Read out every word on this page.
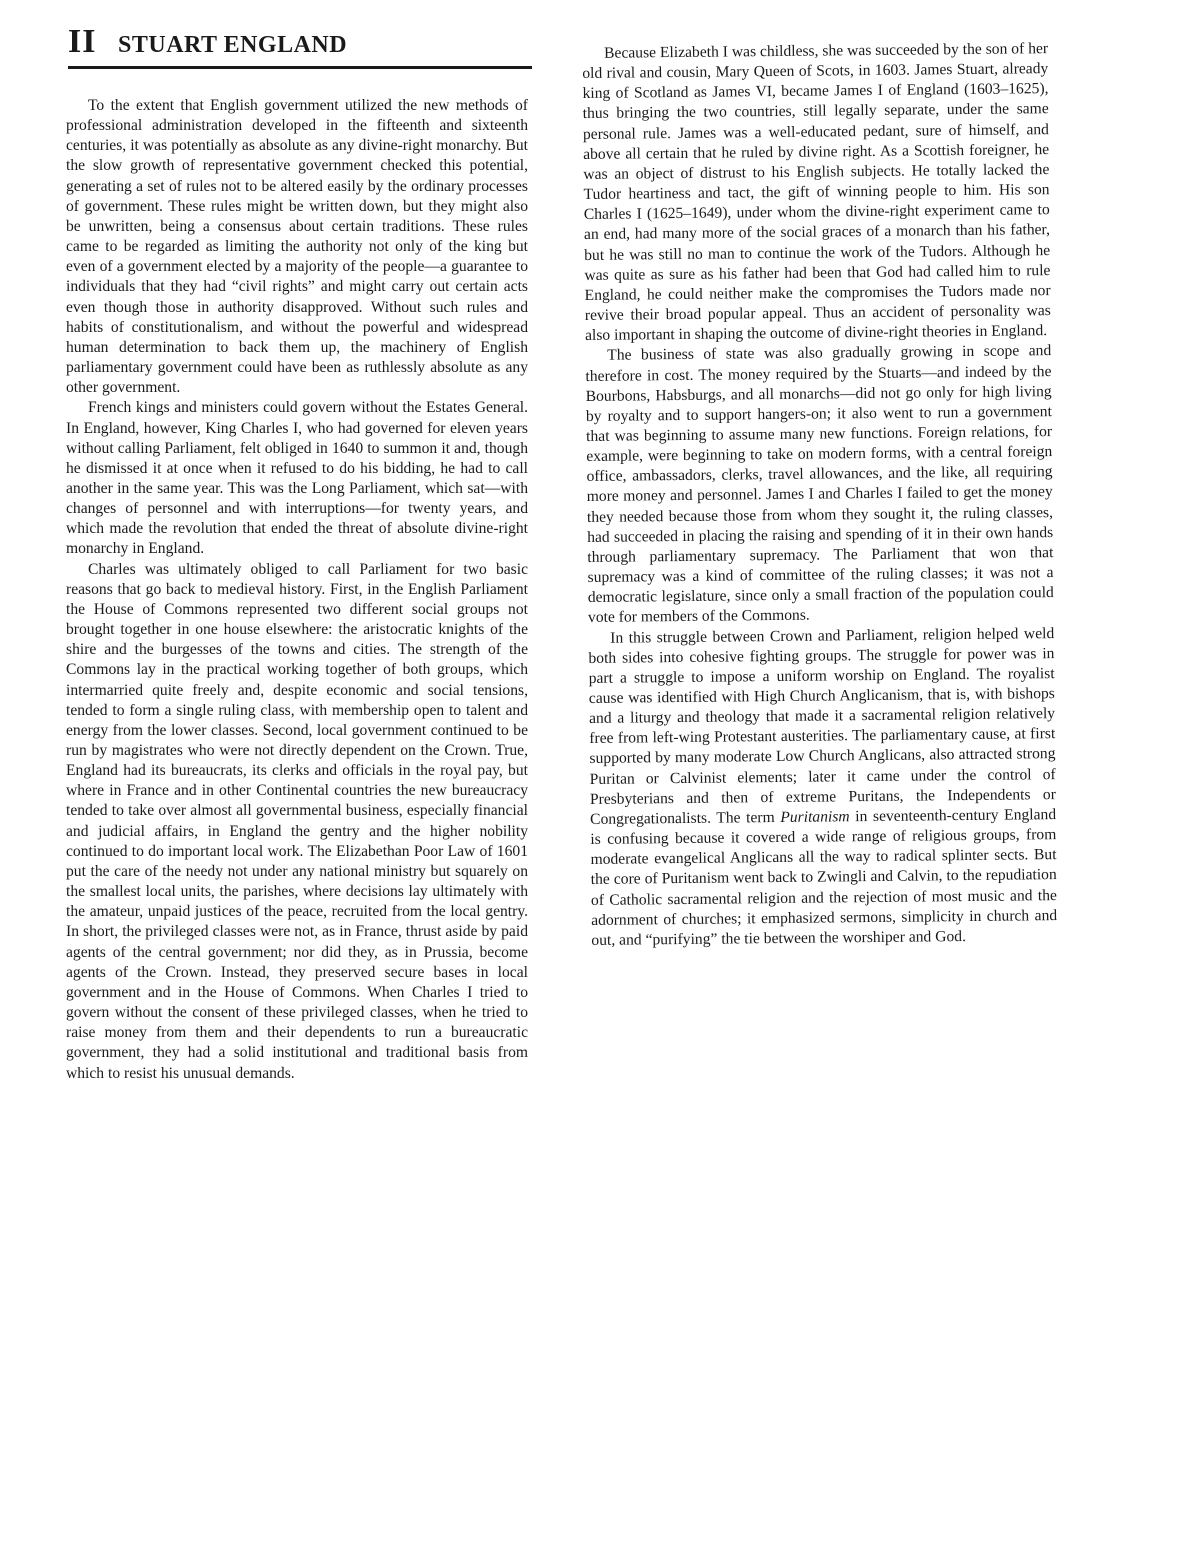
II STUART ENGLAND

To the extent that English government utilized the new methods of professional administration developed in the fifteenth and sixteenth centuries, it was potentially as absolute as any divine-right monarchy. But the slow growth of representative government checked this potential, generating a set of rules not to be altered easily by the ordinary processes of government. These rules might be written down, but they might also be unwritten, being a consensus about certain traditions. These rules came to be regarded as limiting the authority not only of the king but even of a government elected by a majority of the people—a guarantee to individuals that they had “civil rights” and might carry out certain acts even though those in authority disapproved. Without such rules and habits of constitutionalism, and without the powerful and widespread human determination to back them up, the machinery of English parliamentary government could have been as ruthlessly absolute as any other government.

French kings and ministers could govern without the Estates General. In England, however, King Charles I, who had governed for eleven years without calling Parliament, felt obliged in 1640 to summon it and, though he dismissed it at once when it refused to do his bidding, he had to call another in the same year. This was the Long Parliament, which sat—with changes of personnel and with interruptions—for twenty years, and which made the revolution that ended the threat of absolute divine-right monarchy in England.

Charles was ultimately obliged to call Parliament for two basic reasons that go back to medieval history. First, in the English Parliament the House of Commons represented two different social groups not brought together in one house elsewhere: the aristocratic knights of the shire and the burgesses of the towns and cities. The strength of the Commons lay in the practical working together of both groups, which intermarried quite freely and, despite economic and social tensions, tended to form a single ruling class, with membership open to talent and energy from the lower classes. Second, local government continued to be run by magistrates who were not directly dependent on the Crown. True, England had its bureaucrats, its clerks and officials in the royal pay, but where in France and in other Continental countries the new bureaucracy tended to take over almost all governmental business, especially financial and judicial affairs, in England the gentry and the higher nobility continued to do important local work. The Elizabethan Poor Law of 1601 put the care of the needy not under any national ministry but squarely on the smallest local units, the parishes, where decisions lay ultimately with the amateur, unpaid justices of the peace, recruited from the local gentry. In short, the privileged classes were not, as in France, thrust aside by paid agents of the central government; nor did they, as in Prussia, become agents of the Crown. Instead, they preserved secure bases in local government and in the House of Commons. When Charles I tried to govern without the consent of these privileged classes, when he tried to raise money from them and their dependents to run a bureaucratic government, they had a solid institutional and traditional basis from which to resist his unusual demands.

Because Elizabeth I was childless, she was succeeded by the son of her old rival and cousin, Mary Queen of Scots, in 1603. James Stuart, already king of Scotland as James VI, became James I of England (1603–1625), thus bringing the two countries, still legally separate, under the same personal rule. James was a well-educated pedant, sure of himself, and above all certain that he ruled by divine right. As a Scottish foreigner, he was an object of distrust to his English subjects. He totally lacked the Tudor heartiness and tact, the gift of winning people to him. His son Charles I (1625–1649), under whom the divine-right experiment came to an end, had many more of the social graces of a monarch than his father, but he was still no man to continue the work of the Tudors. Although he was quite as sure as his father had been that God had called him to rule England, he could neither make the compromises the Tudors made nor revive their broad popular appeal. Thus an accident of personality was also important in shaping the outcome of divine-right theories in England.

The business of state was also gradually growing in scope and therefore in cost. The money required by the Stuarts—and indeed by the Bourbons, Habsburgs, and all monarchs—did not go only for high living by royalty and to support hangers-on; it also went to run a government that was beginning to assume many new functions. Foreign relations, for example, were beginning to take on modern forms, with a central foreign office, ambassadors, clerks, travel allowances, and the like, all requiring more money and personnel. James I and Charles I failed to get the money they needed because those from whom they sought it, the ruling classes, had succeeded in placing the raising and spending of it in their own hands through parliamentary supremacy. The Parliament that won that supremacy was a kind of committee of the ruling classes; it was not a democratic legislature, since only a small fraction of the population could vote for members of the Commons.

In this struggle between Crown and Parliament, religion helped weld both sides into cohesive fighting groups. The struggle for power was in part a struggle to impose a uniform worship on England. The royalist cause was identified with High Church Anglicanism, that is, with bishops and a liturgy and theology that made it a sacramental religion relatively free from left-wing Protestant austerities. The parliamentary cause, at first supported by many moderate Low Church Anglicans, also attracted strong Puritan or Calvinist elements; later it came under the control of Presbyterians and then of extreme Puritans, the Independents or Congregationalists. The term Puritanism in seventeenth-century England is confusing because it covered a wide range of religious groups, from moderate evangelical Anglicans all the way to radical splinter sects. But the core of Puritanism went back to Zwingli and Calvin, to the repudiation of Catholic sacramental religion and the rejection of most music and the adornment of churches; it emphasized sermons, simplicity in church and out, and “purifying” the tie between the worshiper and God.
